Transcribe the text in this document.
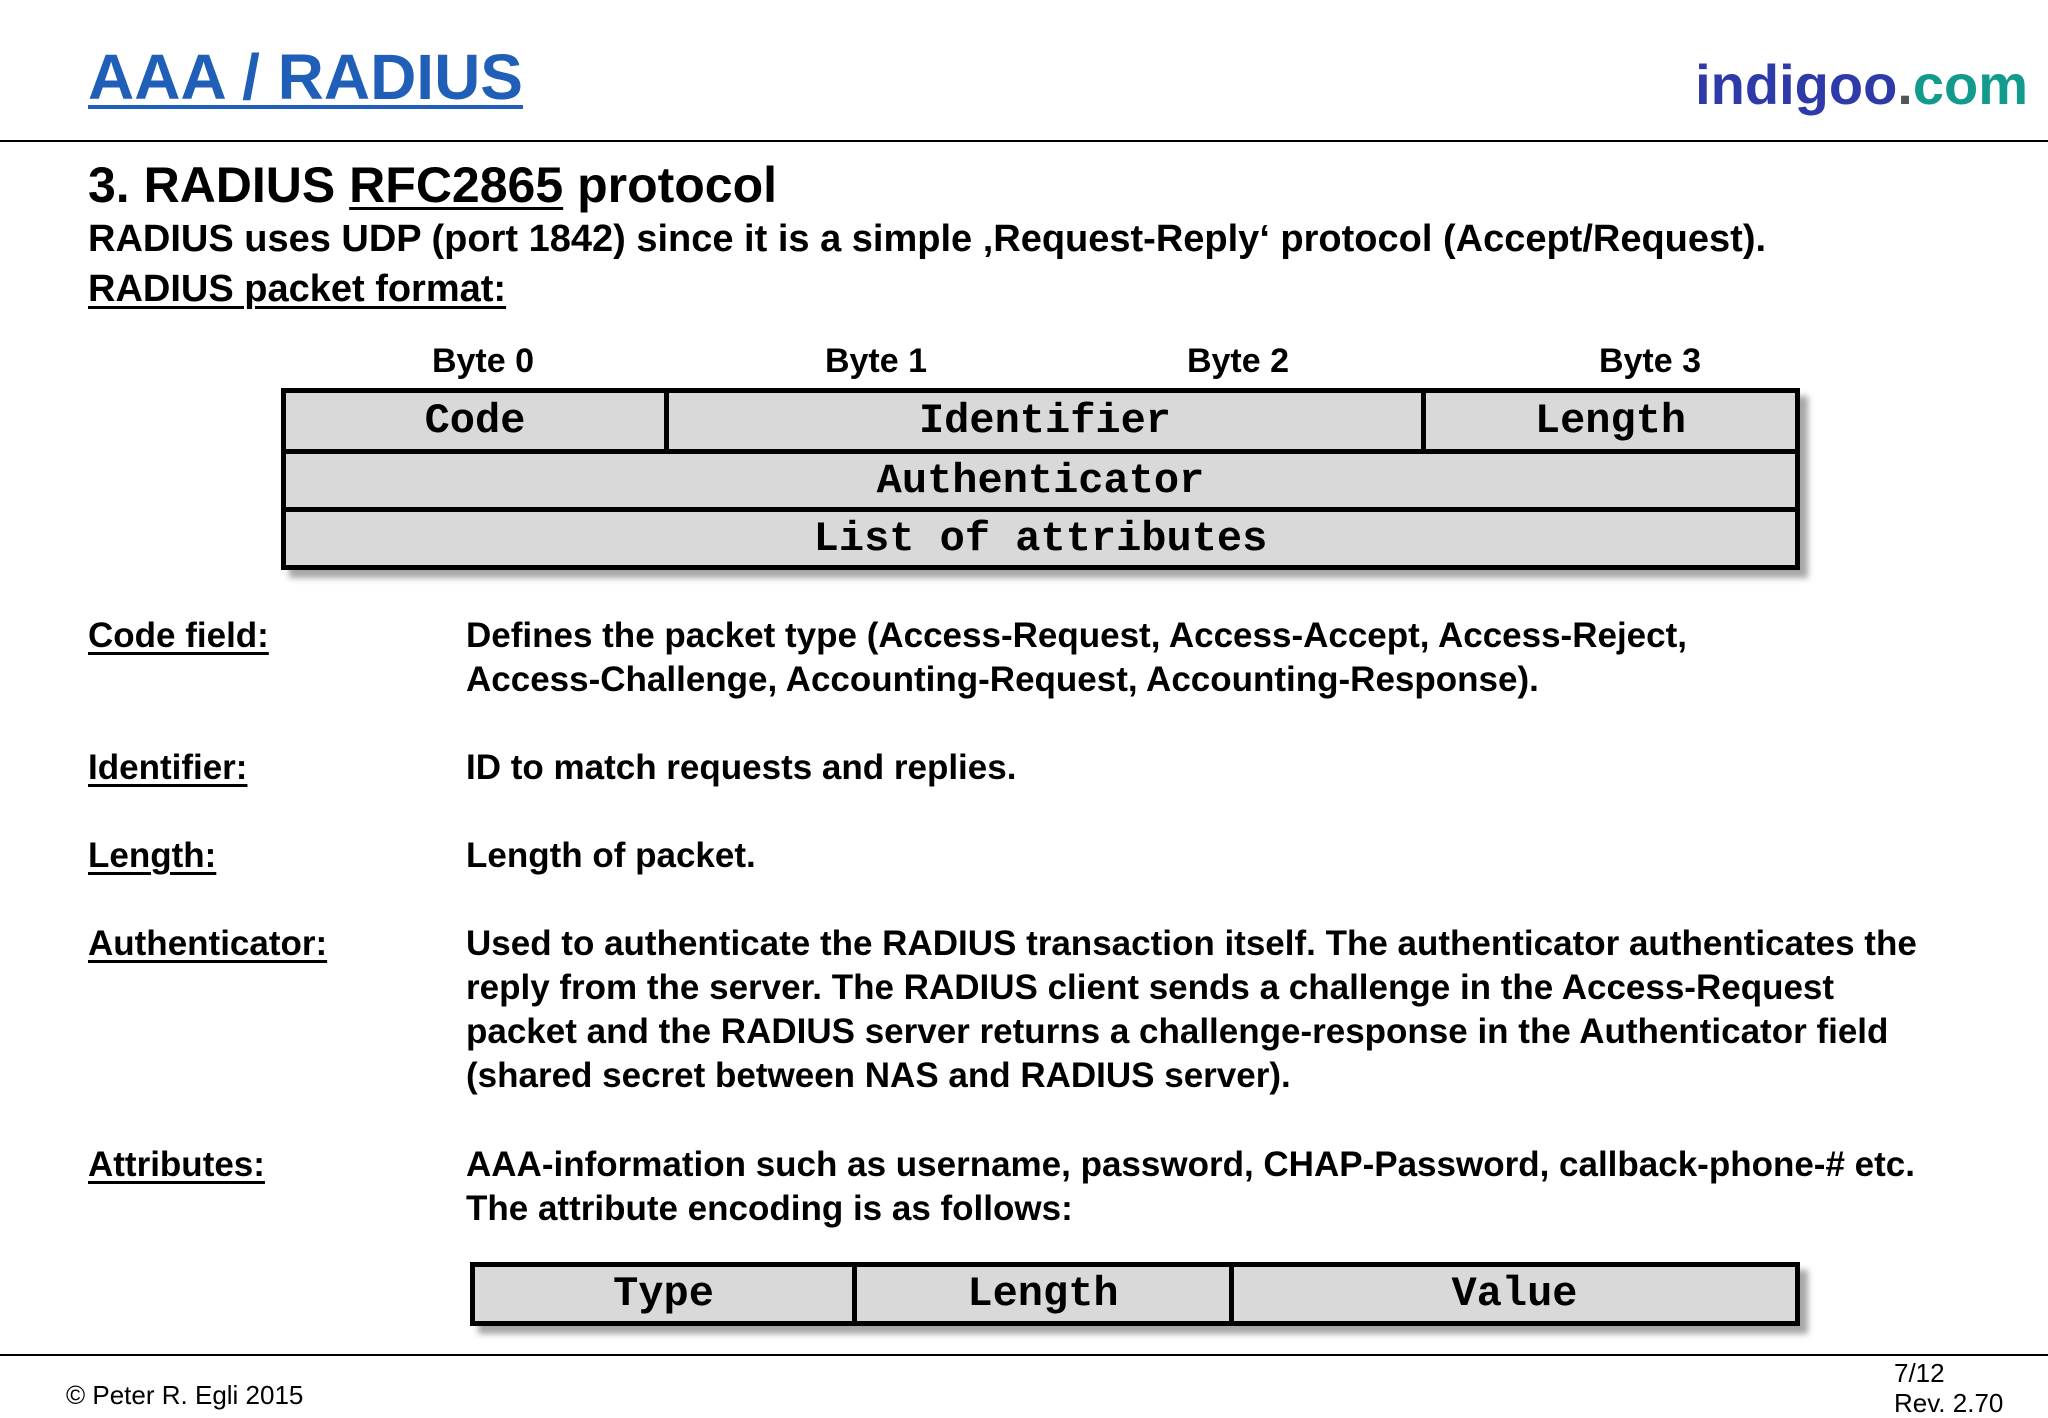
AAA / RADIUS	indigoo.com
3. RADIUS RFC2865 protocol
RADIUS uses UDP (port 1842) since it is a simple ‚Request-Reply‘ protocol (Accept/Request).
RADIUS packet format:
Byte 0	Byte 1	Byte 2	Byte 3
Code	Identifier	Length
Authenticator
List of attributes
Code field:	Defines the packet type (Access-Request, Access-Accept, Access-Reject,
Access-Challenge, Accounting-Request, Accounting-Response).
Identifier:	ID to match requests and replies.
Length:	Length of packet.
Authenticator:	Used to authenticate the RADIUS transaction itself. The authenticator authenticates the
reply from the server. The RADIUS client sends a challenge in the Access-Request
packet and the RADIUS server returns a challenge-response in the Authenticator field
(shared secret between NAS and RADIUS server).
Attributes:	AAA-information such as username, password, CHAP-Password, callback-phone-# etc.
The attribute encoding is as follows:
Type	Length	Value
© Peter R. Egli 2015
7/12
Rev. 2.70
